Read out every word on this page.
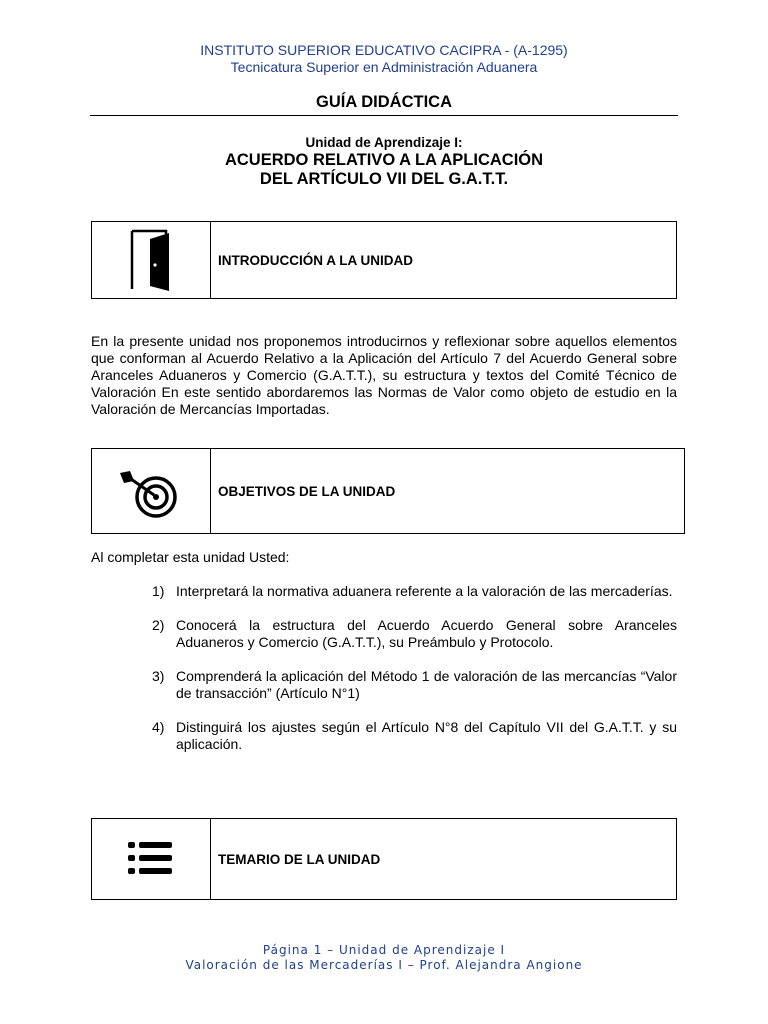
INSTITUTO SUPERIOR EDUCATIVO CACIPRA - (A-1295)
Tecnicatura Superior en Administración Aduanera
GUÍA DIDÁCTICA
Unidad de Aprendizaje I:
ACUERDO RELATIVO A LA APLICACIÓN
DEL ARTÍCULO VII DEL G.A.T.T.
INTRODUCCIÓN A LA UNIDAD
En la presente unidad nos proponemos introducirnos y reflexionar sobre aquellos elementos que conforman al Acuerdo Relativo a la Aplicación del Artículo 7 del Acuerdo General sobre Aranceles Aduaneros y Comercio (G.A.T.T.), su estructura y textos del Comité Técnico de Valoración En este sentido abordaremos las Normas de Valor como objeto de estudio en la Valoración de Mercancías Importadas.
OBJETIVOS DE LA UNIDAD
Al completar esta unidad Usted:
1) Interpretará la normativa aduanera referente a la valoración de las mercaderías.
2) Conocerá la estructura del Acuerdo Acuerdo General sobre Aranceles Aduaneros y Comercio (G.A.T.T.), su Preámbulo y Protocolo.
3) Comprenderá la aplicación del Método 1 de valoración de las mercancías “Valor de transacción” (Artículo N°1)
4) Distinguirá los ajustes según el Artículo N°8 del Capítulo VII del G.A.T.T. y su aplicación.
TEMARIO DE LA UNIDAD
Página 1 – Unidad de Aprendizaje I
Valoración de las Mercaderías I – Prof. Alejandra Angione
